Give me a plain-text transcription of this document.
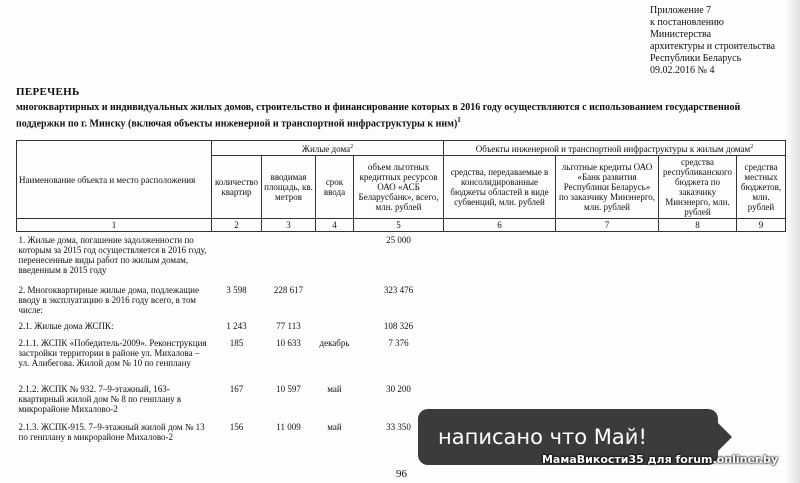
Приложение 7
к постановлению
Министерства
архитектуры и строительства
Республики Беларусь
09.02.2016 № 4
ПЕРЕЧЕНЬ
многоквартирных и индивидуальных жилых домов, строительство и финансирование которых в 2016 году осуществляются с использованием государственной поддержки по г. Минску (включая объекты инженерной и транспортной инфраструктуры к ним)$^1$
Наименование объекта и место расположения	Жилые дома$^2$				Объекты инженерной и транспортной инфраструктуры к жилым домам$^2$
	количество квартир	вводимая площадь, кв. метров	срок ввода	объем льготных кредитных ресурсов ОАО «АСБ Беларусбанк», всего, млн. рублей	средства, передаваемые в консолидированные бюджеты областей в виде субвенций, млн. рублей	льготные кредиты ОАО «Банк развития Республики Беларусь» по заказчику Минэнерго, млн. рублей	средства республиканского бюджета по заказчику Минэнерго, млн. рублей	средства местных бюджетов, млн. рублей
1	2	3	4	5	6	7	8	9
1. Жилые дома, погашение задолженности по которым за 2015 год осуществляется в 2016 году, перенесенные виды работ по жилым домам, введенным в 2015 году				25 000				
2. Многоквартирные жилые дома, подлежащие вводу в эксплуатацию в 2016 году всего, в том числе:	3 598	228 617		323 476				
2.1. Жилые дома ЖСПК:	1 243	77 113		108 326				
2.1.1. ЖСПК «Победитель-2009». Реконструкция застройки территории в районе ул. Михалова – ул. Алибегова. Жилой дом № 10 по генплану	185	10 633	декабрь	7 376				
2.1.2. ЖСПК № 932. 7–9-этажный, 163-квартирный жилой дом № 8 по генплану в микрорайоне Михалово-2	167	10 597	май	30 200				
2.1.3. ЖСПК-915. 7–9-этажный жилой дом № 13 по генплану в микрорайоне Михалово-2	156	11 009	май	33 350				
96
написано что Май!
МамаВикости35 для forum.onliner.by
